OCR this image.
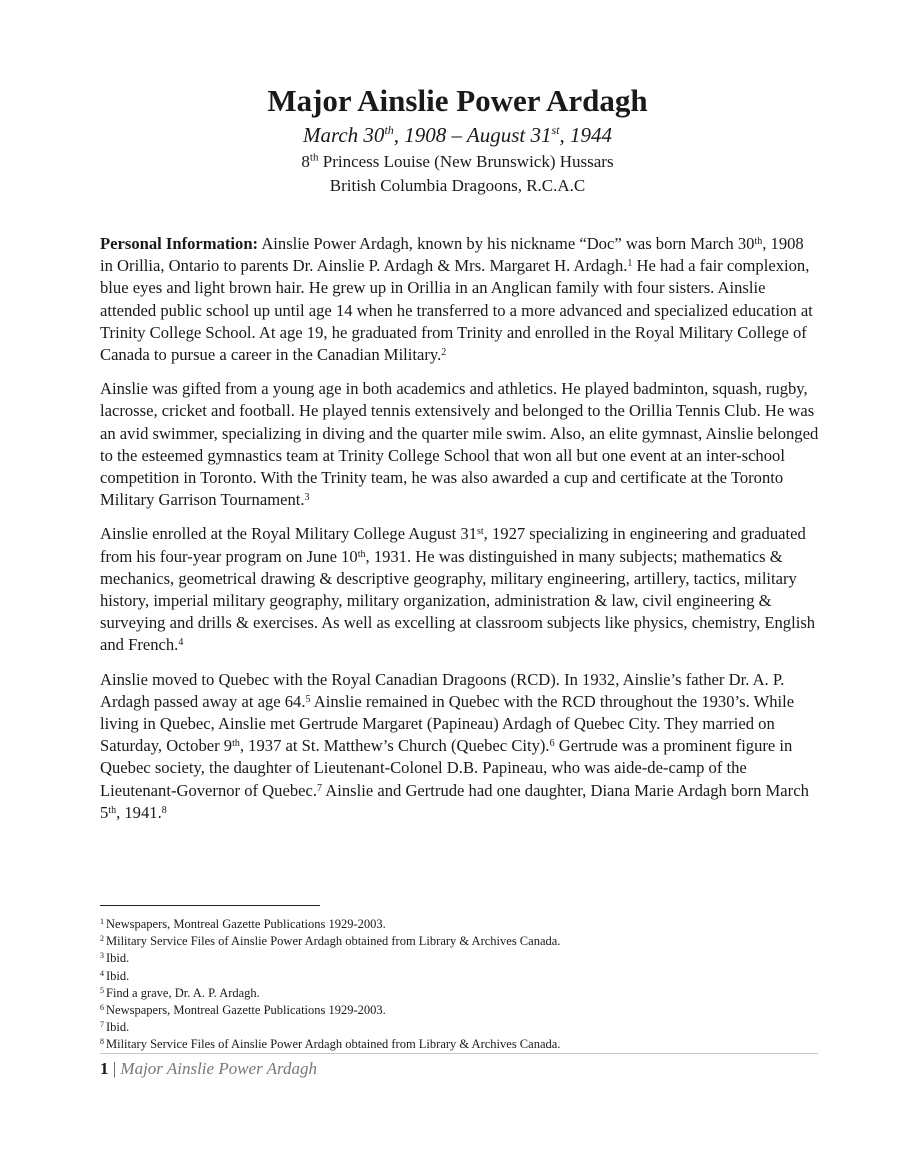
Major Ainslie Power Ardagh
March 30th, 1908 – August 31st, 1944
8th Princess Louise (New Brunswick) Hussars
British Columbia Dragoons, R.C.A.C

Personal Information: Ainslie Power Ardagh, known by his nickname “Doc” was born March 30th, 1908 in Orillia, Ontario to parents Dr. Ainslie P. Ardagh & Mrs. Margaret H. Ardagh.$^1$ He had a fair complexion, blue eyes and light brown hair. He grew up in Orillia in an Anglican family with four sisters. Ainslie attended public school up until age 14 when he transferred to a more advanced and specialized education at Trinity College School. At age 19, he graduated from Trinity and enrolled in the Royal Military College of Canada to pursue a career in the Canadian Military.$^2$

Ainslie was gifted from a young age in both academics and athletics. He played badminton, squash, rugby, lacrosse, cricket and football. He played tennis extensively and belonged to the Orillia Tennis Club. He was an avid swimmer, specializing in diving and the quarter mile swim. Also, an elite gymnast, Ainslie belonged to the esteemed gymnastics team at Trinity College School that won all but one event at an inter-school competition in Toronto. With the Trinity team, he was also awarded a cup and certificate at the Toronto Military Garrison Tournament.$^3$

Ainslie enrolled at the Royal Military College August 31st, 1927 specializing in engineering and graduated from his four-year program on June 10th, 1931. He was distinguished in many subjects; mathematics & mechanics, geometrical drawing & descriptive geography, military engineering, artillery, tactics, military history, imperial military geography, military organization, administration & law, civil engineering & surveying and drills & exercises. As well as excelling at classroom subjects like physics, chemistry, English and French.$^4$

Ainslie moved to Quebec with the Royal Canadian Dragoons (RCD). In 1932, Ainslie’s father Dr. A. P. Ardagh passed away at age 64.$^5$ Ainslie remained in Quebec with the RCD throughout the 1930’s. While living in Quebec, Ainslie met Gertrude Margaret (Papineau) Ardagh of Quebec City. They married on Saturday, October 9th, 1937 at St. Matthew’s Church (Quebec City).$^6$ Gertrude was a prominent figure in Quebec society, the daughter of Lieutenant-Colonel D.B. Papineau, who was aide-de-camp of the Lieutenant-Governor of Quebec.$^7$ Ainslie and Gertrude had one daughter, Diana Marie Ardagh born March 5th, 1941.$^8$

$^1$ Newspapers, Montreal Gazette Publications 1929-2003.
$^2$ Military Service Files of Ainslie Power Ardagh obtained from Library & Archives Canada.
$^3$ Ibid.
$^4$ Ibid.
$^5$ Find a grave, Dr. A. P. Ardagh.
$^6$ Newspapers, Montreal Gazette Publications 1929-2003.
$^7$ Ibid.
$^8$ Military Service Files of Ainslie Power Ardagh obtained from Library & Archives Canada.
1 | Major Ainslie Power Ardagh
